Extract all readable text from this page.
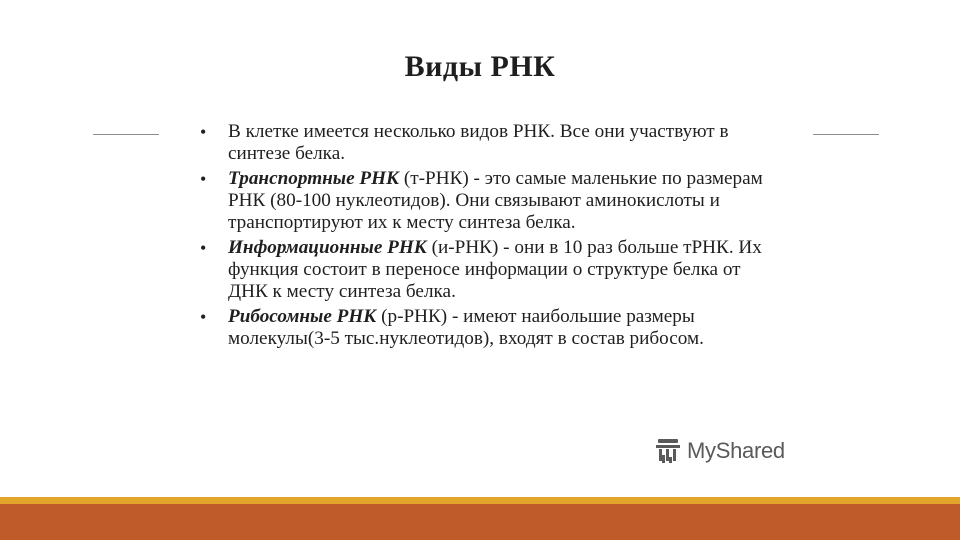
Виды РНК
• В клетке имеется несколько видов РНК. Все они участвуют в синтезе белка.
• Транспортные РНК (т-РНК) - это самые маленькие по размерам РНК (80-100 нуклеотидов). Они связывают аминокислоты и транспортируют их к месту синтеза белка.
• Информационные РНК (и-РНК) - они в 10 раз больше тРНК. Их функция состоит в переносе информации о структуре белка от ДНК к месту синтеза белка.
• Рибосомные РНК (р-РНК) - имеют наибольшие размеры молекулы(3-5 тыс.нуклеотидов), входят в состав рибосом.
MyShared
